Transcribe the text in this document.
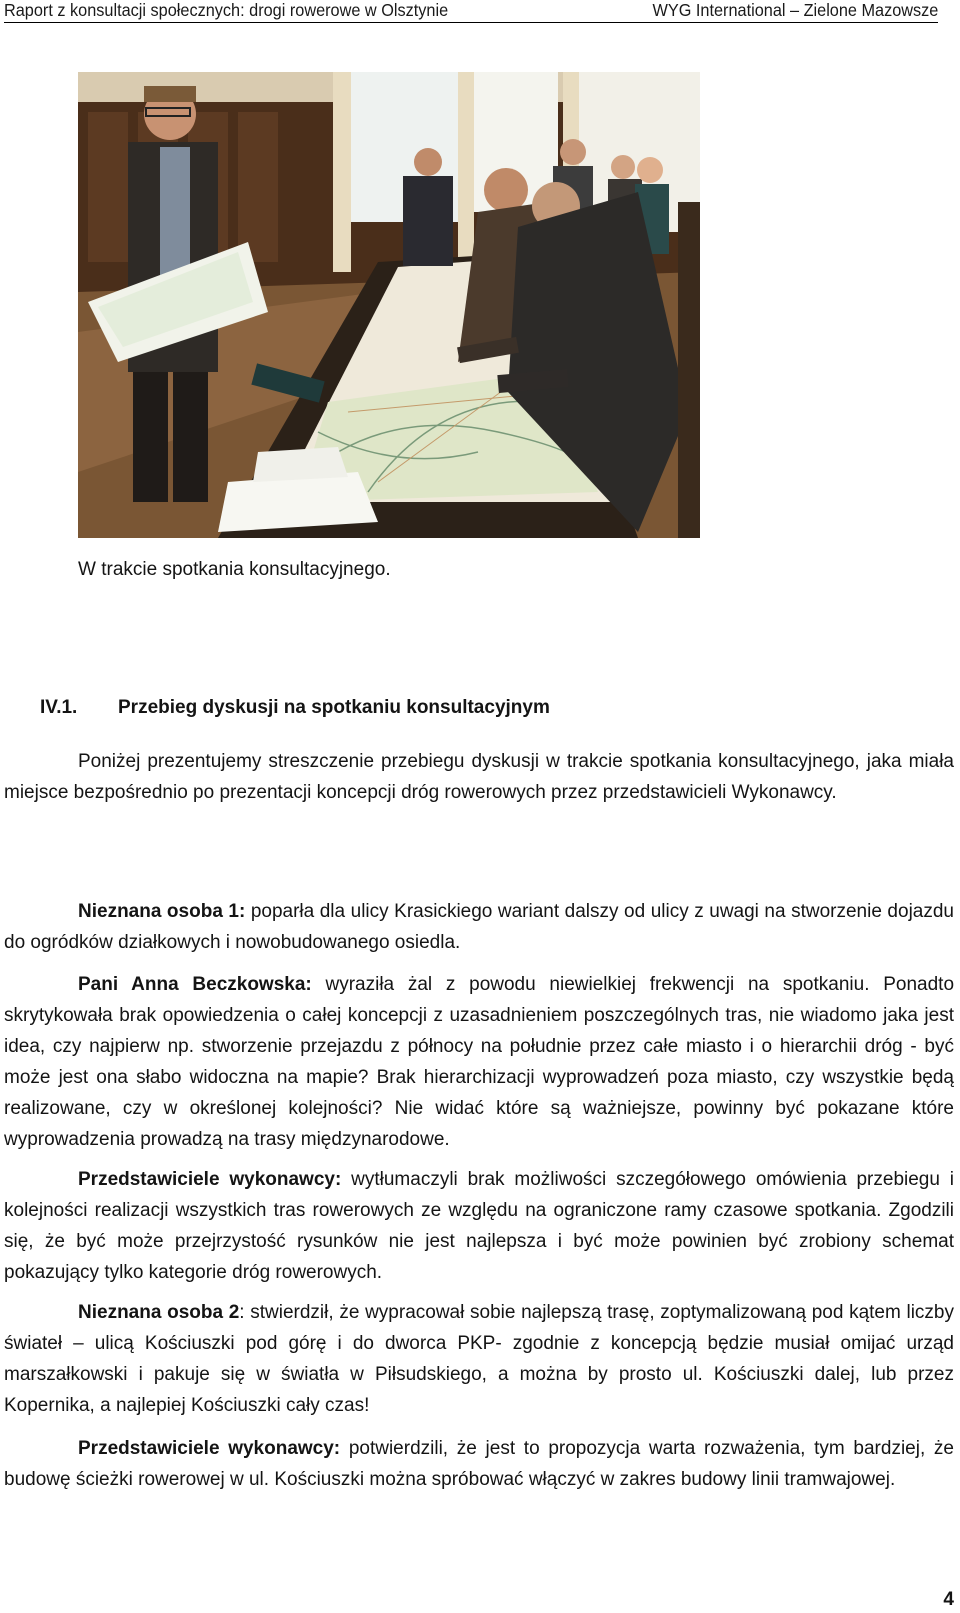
Raport z konsultacji społecznych: drogi rowerowe w Olsztynie	WYG International – Zielone Mazowsze
W trakcie spotkania konsultacyjnego.
IV.1. Przebieg dyskusji na spotkaniu konsultacyjnym

Poniżej prezentujemy streszczenie przebiegu dyskusji w trakcie spotkania konsultacyjnego, jaka miała miejsce bezpośrednio po prezentacji koncepcji dróg rowerowych przez przedstawicieli Wykonawcy.

Nieznana osoba 1: poparła dla ulicy Krasickiego wariant dalszy od ulicy z uwagi na stworzenie dojazdu do ogródków działkowych i nowobudowanego osiedla.

Pani Anna Beczkowska: wyraziła żal z powodu niewielkiej frekwencji na spotkaniu. Ponadto skrytykowała brak opowiedzenia o całej koncepcji z uzasadnieniem poszczególnych tras, nie wiadomo jaka jest idea, czy najpierw np. stworzenie przejazdu z północy na południe przez całe miasto i o hierarchii dróg - być może jest ona słabo widoczna na mapie? Brak hierarchizacji wyprowadzeń poza miasto, czy wszystkie będą realizowane, czy w określonej kolejności? Nie widać które są ważniejsze, powinny być pokazane które wyprowadzenia prowadzą na trasy międzynarodowe.

Przedstawiciele wykonawcy: wytłumaczyli brak możliwości szczegółowego omówienia przebiegu i kolejności realizacji wszystkich tras rowerowych ze względu na ograniczone ramy czasowe spotkania. Zgodzili się, że być może przejrzystość rysunków nie jest najlepsza i być może powinien być zrobiony schemat pokazujący tylko kategorie dróg rowerowych.

Nieznana osoba 2: stwierdził, że wypracował sobie najlepszą trasę, zoptymalizowaną pod kątem liczby świateł – ulicą Kościuszki pod górę i do dworca PKP- zgodnie z koncepcją będzie musiał omijać urząd marszałkowski i pakuje się w światła w Piłsudskiego, a można by prosto ul. Kościuszki dalej, lub przez Kopernika, a najlepiej Kościuszki cały czas!

Przedstawiciele wykonawcy: potwierdzili, że jest to propozycja warta rozważenia, tym bardziej, że budowę ścieżki rowerowej w ul. Kościuszki można spróbować włączyć w zakres budowy linii tramwajowej.

4
